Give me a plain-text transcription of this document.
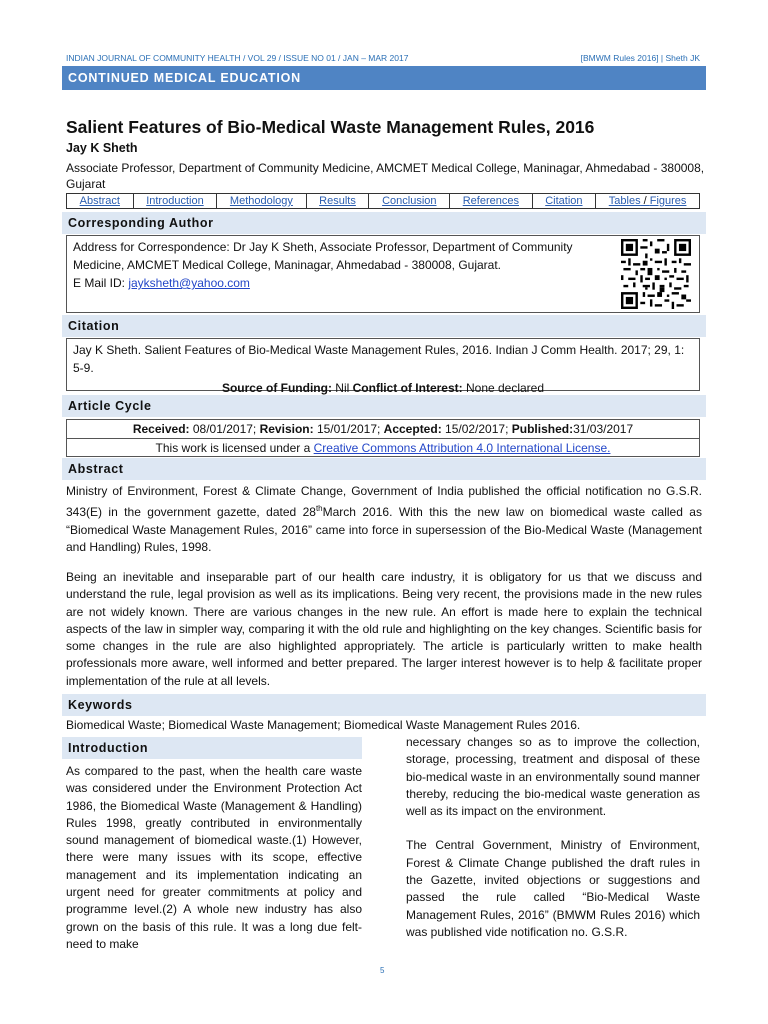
INDIAN JOURNAL OF COMMUNITY HEALTH / VOL 29 / ISSUE NO 01 / JAN – MAR 2017	[BMWM Rules 2016] | Sheth JK
CONTINUED MEDICAL EDUCATION
Salient Features of Bio-Medical Waste Management Rules, 2016
Jay K Sheth
Associate Professor, Department of Community Medicine, AMCMET Medical College, Maninagar, Ahmedabad - 380008, Gujarat
Abstract	Introduction	Methodology	Results	Conclusion	References	Citation	Tables / Figures
Corresponding Author
Address for Correspondence: Dr Jay K Sheth, Associate Professor, Department of Community Medicine, AMCMET Medical College, Maninagar, Ahmedabad - 380008, Gujarat.
E Mail ID: jayksheth@yahoo.com
Citation
Jay K Sheth. Salient Features of Bio-Medical Waste Management Rules, 2016. Indian J Comm Health. 2017; 29, 1: 5-9.
Source of Funding: Nil Conflict of Interest: None declared
Article Cycle
Received: 08/01/2017; Revision: 15/01/2017; Accepted: 15/02/2017; Published:31/03/2017
This work is licensed under a Creative Commons Attribution 4.0 International License.
Abstract
Ministry of Environment, Forest & Climate Change, Government of India published the official notification no G.S.R. 343(E) in the government gazette, dated 28thMarch 2016. With this the new law on biomedical waste called as “Biomedical Waste Management Rules, 2016” came into force in supersession of the Bio-Medical Waste (Management and Handling) Rules, 1998.
Being an inevitable and inseparable part of our health care industry, it is obligatory for us that we discuss and understand the rule, legal provision as well as its implications. Being very recent, the provisions made in the new rules are not widely known. There are various changes in the new rule. An effort is made here to explain the technical aspects of the law in simpler way, comparing it with the old rule and highlighting on the key changes. Scientific basis for some changes in the rule are also highlighted appropriately. The article is particularly written to make health professionals more aware, well informed and better prepared. The larger interest however is to help & facilitate proper implementation of the rule at all levels.
Keywords
Biomedical Waste; Biomedical Waste Management; Biomedical Waste Management Rules 2016.
Introduction
As compared to the past, when the health care waste was considered under the Environment Protection Act 1986, the Biomedical Waste (Management & Handling) Rules 1998, greatly contributed in environmentally sound management of biomedical waste.(1) However, there were many issues with its scope, effective management and its implementation indicating an urgent need for greater commitments at policy and programme level.(2) A whole new industry has also grown on the basis of this rule. It was a long due felt-need to make

necessary changes so as to improve the collection, storage, processing, treatment and disposal of these bio-medical waste in an environmentally sound manner thereby, reducing the bio-medical waste generation as well as its impact on the environment.

The Central Government, Ministry of Environment, Forest & Climate Change published the draft rules in the Gazette, invited objections or suggestions and passed the rule called “Bio-Medical Waste Management Rules, 2016” (BMWM Rules 2016) which was published vide notification no. G.S.R.

5
